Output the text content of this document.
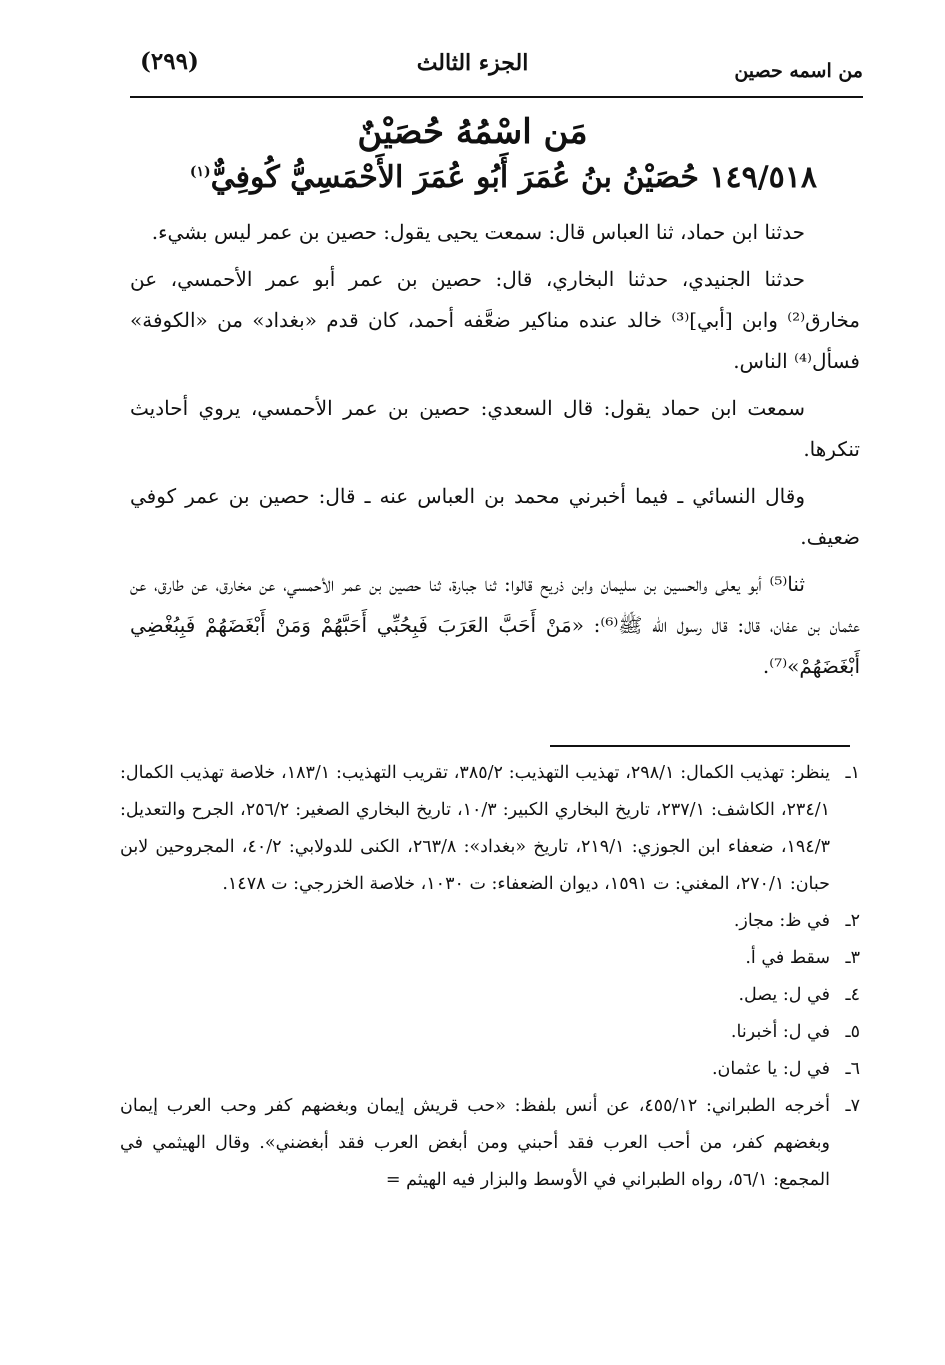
(٢٩٩)	الجزء الثالث	من اسمه حصين
مَن اسْمُهُ حُصَيْنٌ
١٤٩/٥١٨ حُصَيْنُ بنُ عُمَرَ أَبُو عُمَرَ الأَحْمَسِيُّ كُوفِيٌّ$^{(١)}$

حدثنا ابن حماد، ثنا العباس قال: سمعت يحيى يقول: حصين بن عمر ليس بشيء.

حدثنا الجنيدي، حدثنا البخاري، قال: حصين بن عمر أبو عمر الأحمسي، عن مخارق⁽²⁾ وابن [أبي]⁽³⁾ خالد عنده مناكير ضعَّفه أحمد، كان قدم «بغداد» من «الكوفة» فسأل⁽⁴⁾ الناس.

سمعت ابن حماد يقول: قال السعدي: حصين بن عمر الأحمسي، يروي أحاديث تنكرها.

وقال النسائي ـ فيما أخبرني محمد بن العباس عنه ـ قال: حصين بن عمر كوفي ضعيف.

ثنا⁽⁵⁾ أبو يعلى والحسين بن سليمان وابن ذريح قالوا: ثنا جبارة، ثنا حصين بن عمر الأحمسي، عن مخارق، عن طارق، عن عثمان بن عفان، قال: قال رسول الله ﷺ⁽⁶⁾: «مَنْ أَحَبَّ العَرَبَ فَبِحُبِّي أَحَبَّهُمْ وَمَنْ أَبْغَضَهُمْ فَبِبُغْضِي أَبْغَضَهُمْ»⁽⁷⁾.

١ـ
ينظر: تهذيب الكمال: ٢٩٨/١، تهذيب التهذيب: ٣٨٥/٢، تقريب التهذيب: ١٨٣/١، خلاصة تهذيب الكمال: ٢٣٤/١، الكاشف: ٢٣٧/١، تاريخ البخاري الكبير: ١٠/٣، تاريخ البخاري الصغير: ٢٥٦/٢، الجرح والتعديل: ١٩٤/٣، ضعفاء ابن الجوزي: ٢١٩/١، تاريخ «بغداد»: ٢٦٣/٨، الكنى للدولابي: ٤٠/٢، المجروحين لابن حبان: ٢٧٠/١، المغني: ت ١٥٩١، ديوان الضعفاء: ت ١٠٣٠، خلاصة الخزرجي: ت ١٤٧٨.
٢ـ
في ظ: مجاز.
٣ـ
سقط في أ.
٤ـ
في ل: يصل.
٥ـ
في ل: أخبرنا.
٦ـ
في ل: يا عثمان.
٧ـ
أخرجه الطبراني: ٤٥٥/١٢، عن أنس بلفظ: «حب قريش إيمان وبغضهم كفر وحب العرب إيمان وبغضهم كفر، من أحب العرب فقد أحبني ومن أبغض العرب فقد أبغضني». وقال الهيثمي في المجمع: ٥٦/١، رواه الطبراني في الأوسط والبزار فيه الهيثم =
